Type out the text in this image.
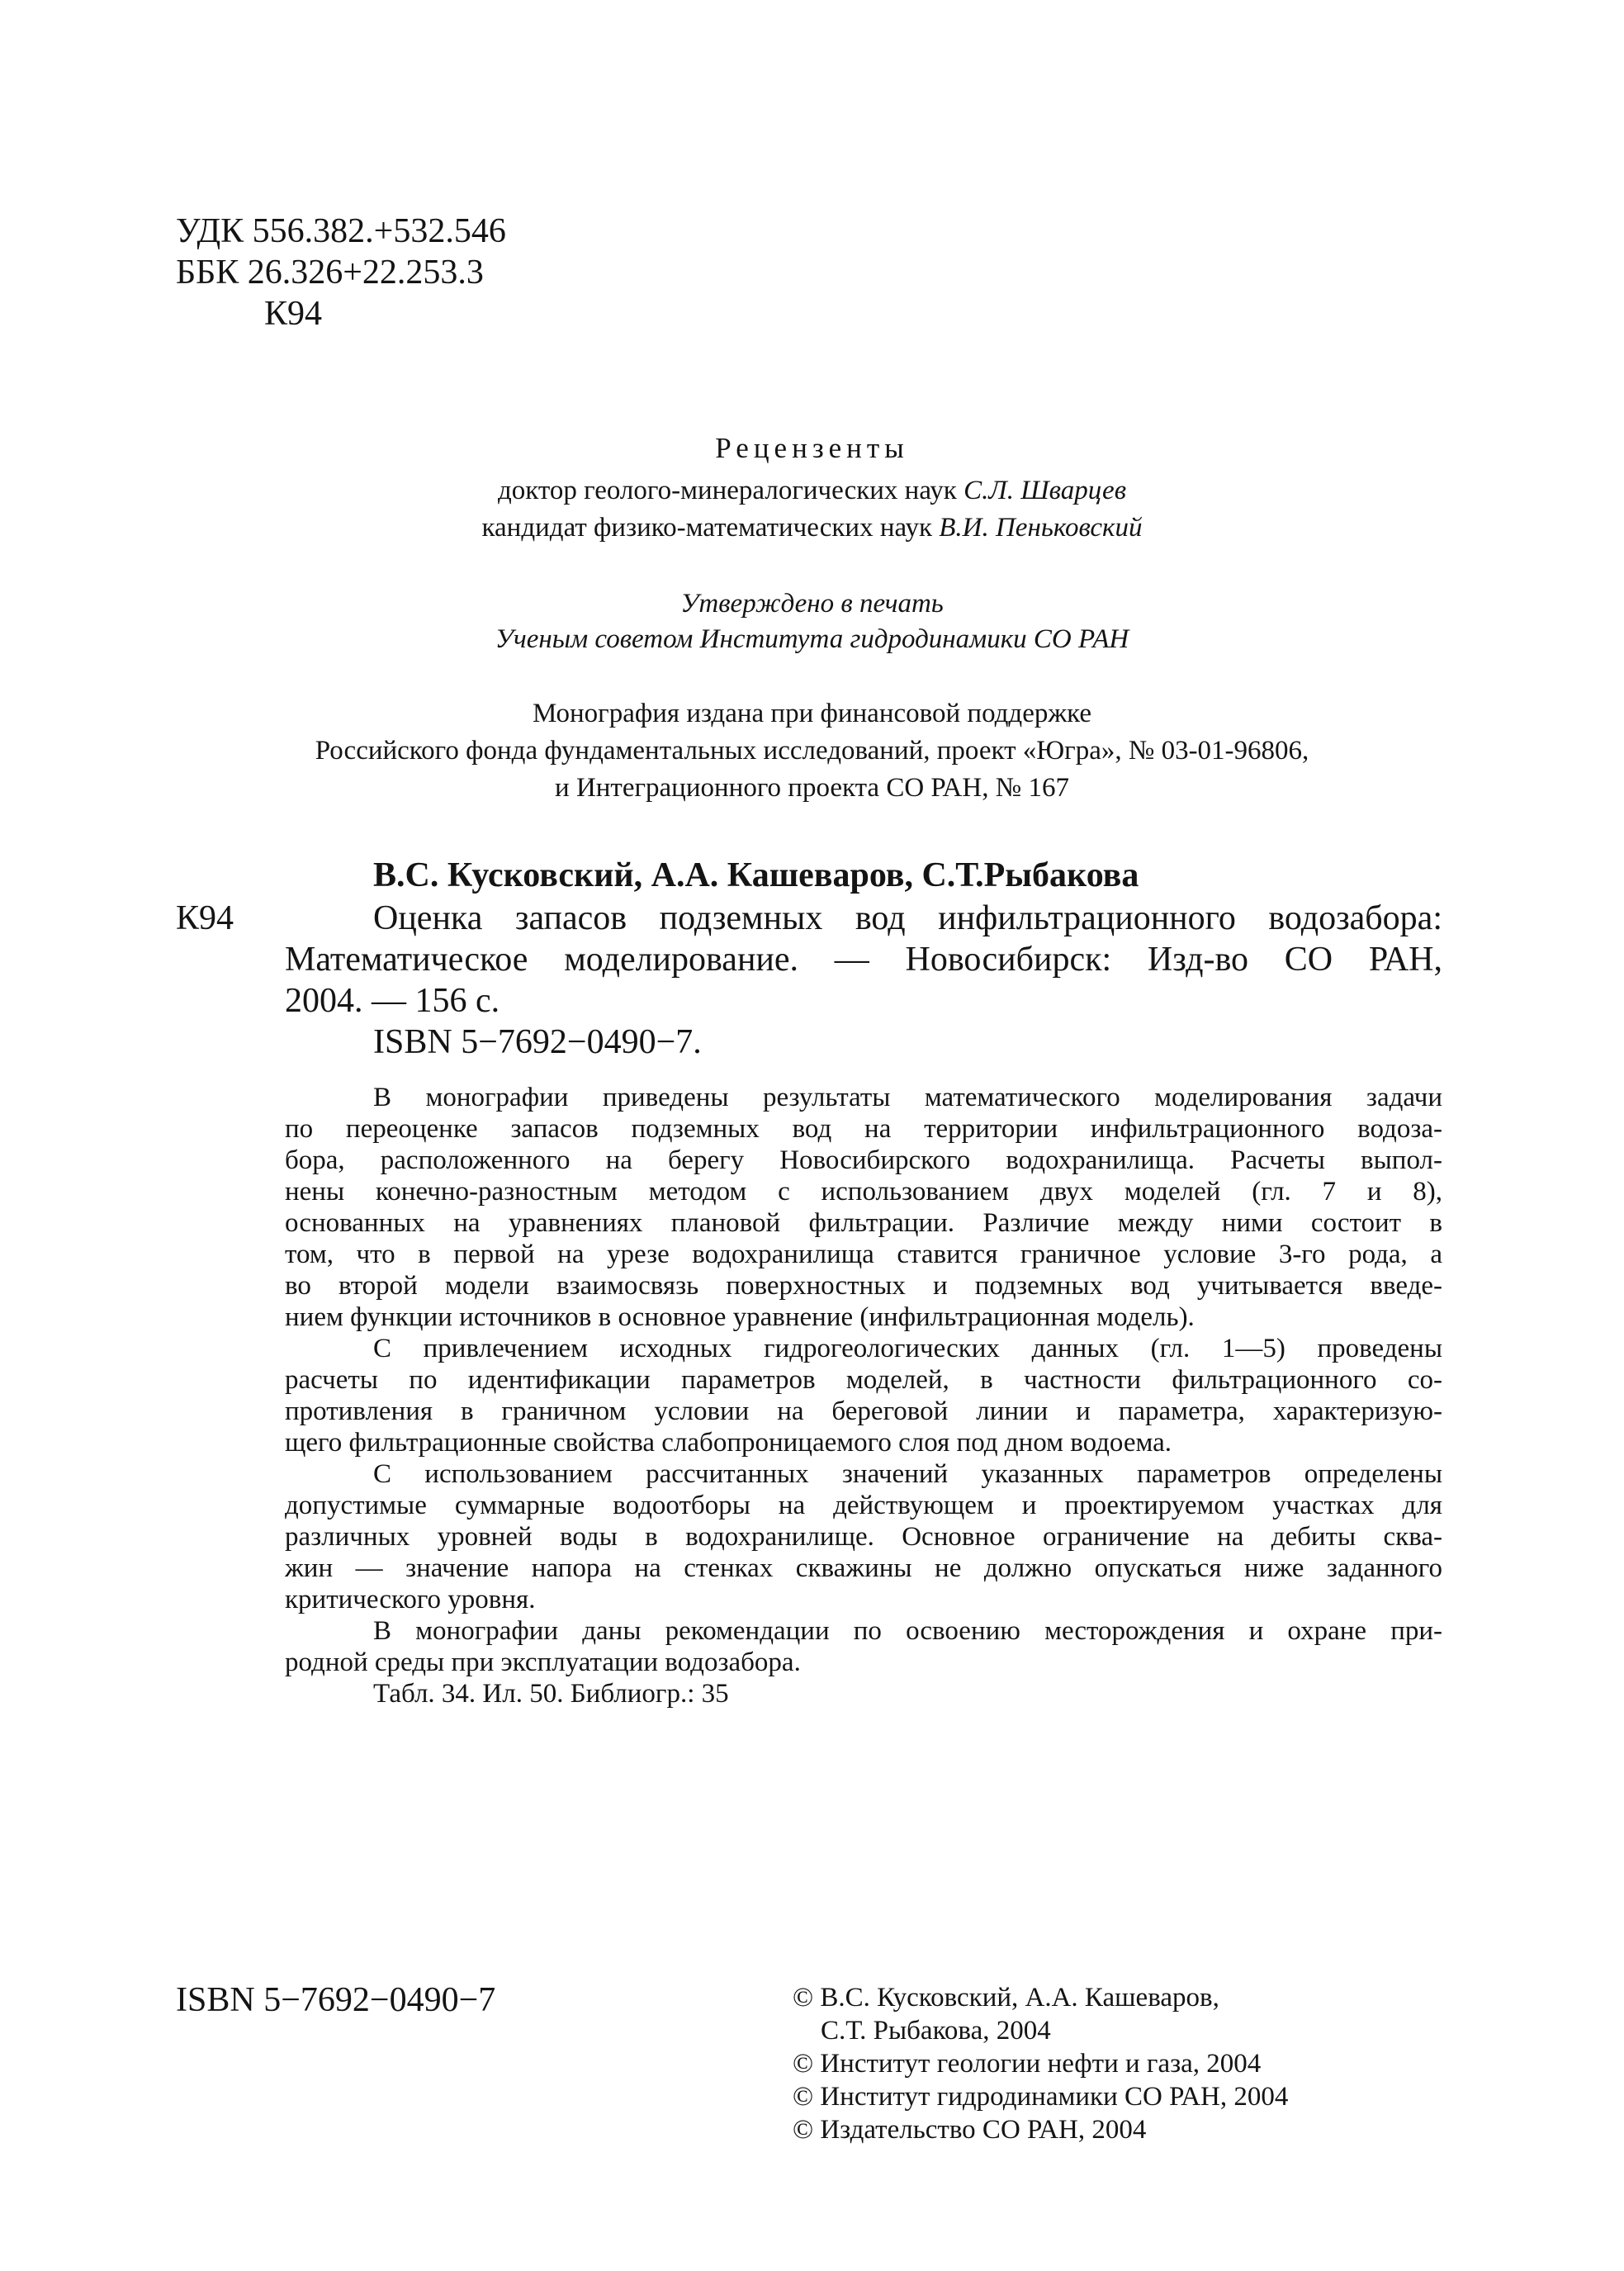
УДК 556.382.+532.546
ББК 26.326+22.253.3
К94
Рецензенты
доктор геолого-минералогических наук С.Л. Шварцев
кандидат физико-математических наук В.И. Пеньковский
Утверждено в печать
Ученым советом Института гидродинамики СО РАН
Монография издана при финансовой поддержке
Российского фонда фундаментальных исследований, проект «Югра», № 03-01-96806,
и Интеграционного проекта СО РАН, № 167
В.С. Кусковский, А.А. Кашеваров, С.Т.Рыбакова
К94	Оценка запасов подземных вод инфильтрационного водозабора:
Математическое моделирование. — Новосибирск: Изд-во СО РАН,
2004. — 156 с.
ISBN 5−7692−0490−7.
В монографии приведены результаты математического моделирования задачи
по переоценке запасов подземных вод на территории инфильтрационного водоза-
бора, расположенного на берегу Новосибирского водохранилища. Расчеты выпол-
нены конечно-разностным методом с использованием двух моделей (гл. 7 и 8),
основанных на уравнениях плановой фильтрации. Различие между ними состоит в
том, что в первой на урезе водохранилища ставится граничное условие 3-го рода, а
во второй модели взаимосвязь поверхностных и подземных вод учитывается введе-
нием функции источников в основное уравнение (инфильтрационная модель).
С привлечением исходных гидрогеологических данных (гл. 1—5) проведены
расчеты по идентификации параметров моделей, в частности фильтрационного со-
противления в граничном условии на береговой линии и параметра, характеризую-
щего фильтрационные свойства слабопроницаемого слоя под дном водоема.
С использованием рассчитанных значений указанных параметров определены
допустимые суммарные водоотборы на действующем и проектируемом участках для
различных уровней воды в водохранилище. Основное ограничение на дебиты сква-
жин — значение напора на стенках скважины не должно опускаться ниже заданного
критического уровня.
В монографии даны рекомендации по освоению месторождения и охране при-
родной среды при эксплуатации водозабора.
Табл. 34. Ил. 50. Библиогр.: 35
ISBN 5−7692−0490−7	© В.С. Кусковский, А.А. Кашеваров,
С.Т. Рыбакова, 2004
© Институт геологии нефти и газа, 2004
© Институт гидродинамики СО РАН, 2004
© Издательство СО РАН, 2004
